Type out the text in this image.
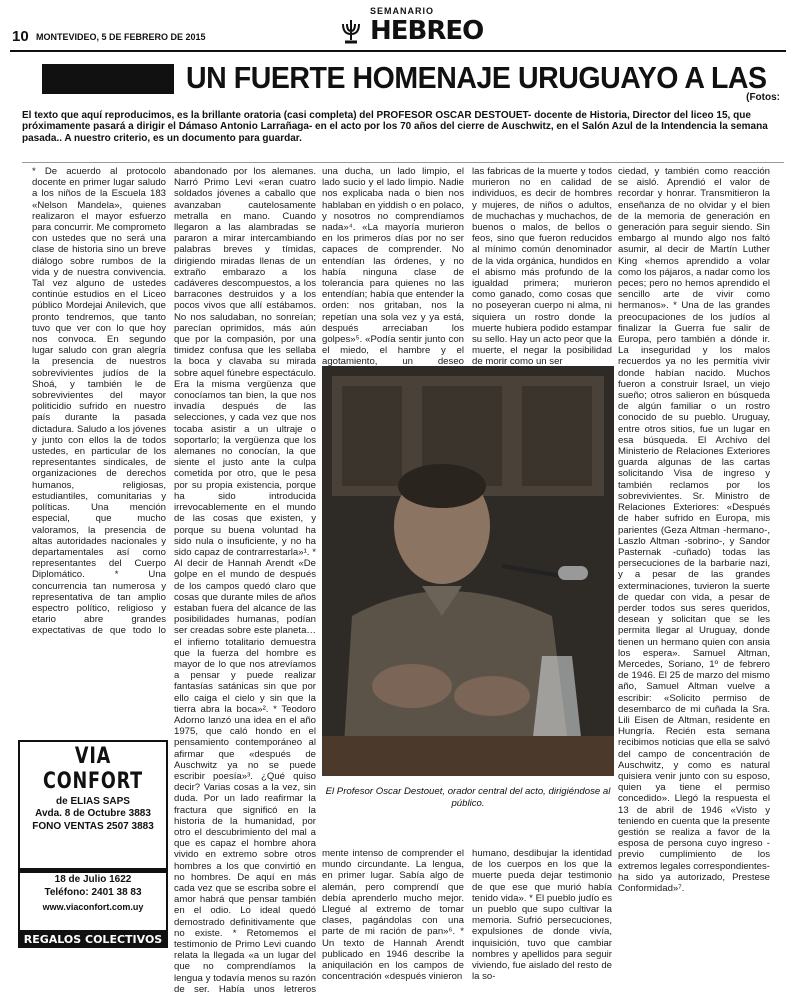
10 MONTEVIDEO, 5 DE FEBRERO DE 2015
SEMANARIO
HEBREO
UN FUERTE HOMENAJE URUGUAYO A LAS
(Fotos:

El texto que aquí reproducimos, es la brillante oratoria (casi completa) del PROFESOR OSCAR DESTOUET- docente de Historia, Director del liceo 15, que próximamente pasará a dirigir el Dámaso Antonio Larrañaga- en el acto por los 70 años del cierre de Auschwitz, en el Salón Azul de la Intendencia la semana pasada.. A nuestro criterio, es un documento para guardar.

* De acuerdo al protocolo docente en primer lugar saludo a los niños de la Escuela 183 «Nelson Mandela», quienes realizaron el mayor esfuerzo para concurrir. Me comprometo con ustedes que no será una clase de historia sino un breve diálogo sobre rumbos de la vida y de nuestra convivencia. Tal vez alguno de ustedes continúe estudios en el Liceo público Mordejai Anilevich, que pronto tendremos, que tanto tuvo que ver con lo que hoy nos convoca. En segundo lugar saludo con gran alegría la presencia de nuestros sobrevivientes judíos de la Shoá, y también le de sobrevivientes del mayor politicidio sufrido en nuestro país durante la pasada dictadura. Saludo a los jóvenes y junto con ellos la de todos ustedes, en particular de los representantes sindicales, de organizaciones de derechos humanos, religiosas, estudiantiles, comunitarias y políticas. Una mención especial, que mucho valoramos, la presencia de altas autoridades nacionales y departamentales así como representantes del Cuerpo Diplomático. * Una concurrencia tan numerosa y representativa de tan amplio espectro político, religioso y etario abre grandes expectativas de que todo lo
abandonado por los alemanes. Narró Primo Levi «eran cuatro soldados jóvenes a caballo que avanzaban cautelosamente metralla en mano. Cuando llegaron a las alambradas se pararon a mirar intercambiando palabras breves y tímidas, dirigiendo miradas llenas de un extraño embarazo a los cadáveres descompuestos, a los barracones destruidos y a los pocos vivos que allí estábamos. No nos saludaban, no sonreían; parecían oprimidos, más aún que por la compasión, por una timidez confusa que les sellaba la boca y clavaba su mirada sobre aquel fúnebre espectáculo. Era la misma vergüenza que conocíamos tan bien, la que nos invadía después de las selecciones, y cada vez que nos tocaba asistir a un ultraje o soportarlo; la vergüenza que los alemanes no conocían, la que siente el justo ante la culpa cometida por otro, que le pesa por su propia existencia, porque ha sido introducida irrevocablemente en el mundo de las cosas que existen, y porque su buena voluntad ha sido nula o insuficiente, y no ha sido capaz de contrarrestarla»¹. * Al decir de Hannah Arendt «De golpe en el mundo de después de los campos quedó claro que cosas que durante miles de años estaban fuera del alcance de las posibilidades humanas, podían ser creadas sobre este planeta…el infierno totalitario demuestra que la fuerza del hombre es mayor de lo que nos atrevíamos a pensar y puede realizar fantasías satánicas sin que por ello caiga el cielo y sin que la tierra abra la boca»². * Teodoro Adorno lanzó una idea en el año 1975, que caló hondo en el pensamiento contemporáneo al afirmar que «después de Auschwitz ya no se puede escribir poesía»³. ¿Qué quiso decir? Varias cosas a la vez, sin duda. Por un lado reafirmar la fractura que significó en la historia de la humanidad, por otro el descubrimiento del mal a que es capaz el hombre ahora vivido en extremo sobre otros hombres a los que convirtió en no hombres. De aquí en más cada vez que se escriba sobre el amor habrá que pensar también en el odio. Lo ideal quedó demostrado definitivamente que no existe. * Retomemos el testimonio de Primo Levi cuando relata la llegada «a un lugar del que no comprendíamos la lengua y todavía menos su razón de ser. Había unos letreros
una ducha, un lado limpio, el lado sucio y el lado limpio. Nadie nos explicaba nada o bien nos hablaban en yiddish o en polaco, y nosotros no comprendíamos nada»⁴. «La mayoría murieron en los primeros días por no ser capaces de comprender. No entendían las órdenes, y no había ninguna clase de tolerancia para quienes no las entendían; había que entender la orden: nos gritaban, nos la repetían una sola vez y ya está, después arreciaban los golpes»⁵. «Podía sentir junto con el miedo, el hambre y el agotamiento, un deseo
las fabricas de la muerte y todos murieron no en calidad de individuos, es decir de hombres y mujeres, de niños o adultos, de muchachas y muchachos, de buenos o malos, de bellos o feos, sino que fueron reducidos al mínimo común denominador de la vida orgánica, hundidos en el abismo más profundo de la igualdad primera; murieron como ganado, como cosas que no poseyeran cuerpo ni alma, ni siquiera un rostro donde la muerte hubiera podido estampar su sello. Hay un acto peor que la muerte, el negar la posibilidad de morir como un ser
ciedad, y también como reacción se aisló. Aprendió el valor de recordar y honrar. Transmitieron la enseñanza de no olvidar y el bien de la memoria de generación en generación para seguir siendo. Sin embargo al mundo algo nos faltó asumir, al decir de Martín Luther King «hemos aprendido a volar como los pájaros, a nadar como los peces; pero no hemos aprendido el sencillo arte de vivir como hermanos». * Una de las grandes preocupaciones de los judíos al finalizar la Guerra fue salir de Europa, pero también a dónde ir. La inseguridad y los malos recuerdos ya no les permitía vivir donde habían nacido. Muchos fueron a construir Israel, un viejo sueño; otros salieron en búsqueda de algún familiar o un rostro conocido de su pueblo. Uruguay, entre otros sitios, fue un lugar en esa búsqueda. El Archivo del Ministerio de Relaciones Exteriores guarda algunas de las cartas solicitando Visa de ingreso y también reclamos por los sobrevivientes. Sr. Ministro de Relaciones Exteriores: «Después de haber sufrido en Europa, mis parientes (Geza Altman -hermano-, Laszlo Altman -sobrino-, y Sandor Pasternak -cuñado) todas las persecuciones de la barbarie nazi, y a pesar de las grandes exterminaciones, tuvieron la suerte de quedar con vida, a pesar de perder todos sus seres queridos, desean y solicitan que se les permita llegar al Uruguay, donde tienen un hermano quien con ansia los espera». Samuel Altman, Mercedes, Soriano, 1º de febrero de 1946. El 25 de marzo del mismo año, Samuel Altman vuelve a escribir: «Solicito permiso de desembarco de mi cuñada la Sra. Lili Eisen de Altman, residente en Hungría. Recién esta semana recibimos noticias que ella se salvó del campo de concentración de Auschwitz, y como es natural quisiera venir junto con su esposo, quien ya tiene el permiso concedido». Llegó la respuesta el 13 de abril de 1946 «Visto y teniendo en cuenta que la presente gestión se realiza a favor de la esposa de persona cuyo ingreso -previo cumplimiento de los extremos legales correspondientes- ha sido ya autorizado, Prestese Conformidad»⁷.
mente intenso de comprender el mundo circundante. La lengua, en primer lugar. Sabía algo de alemán, pero comprendí que debía aprenderlo mucho mejor. Llegué al extremo de tomar clases, pagándolas con una parte de mi ración de pan»⁶. * Un texto de Hannah Arendt publicado en 1946 describe la aniquilación en los campos de concentración «después vinieron
humano, desdibujar la identidad de los cuerpos en los que la muerte pueda dejar testimonio de que ese que murió había tenido vida». * El pueblo judío es un pueblo que supo cultivar la memoria. Sufrió persecuciones, expulsiones de donde vivía, inquisición, tuvo que cambiar nombres y apellidos para seguir viviendo, fue aislado del resto de la so-

El Profesor Oscar Destouet, orador central del acto, dirigiéndose al público.

VIA CONFORT
de ELIAS SAPS
Avda. 8 de Octubre 3883
FONO VENTAS 2507 3883
18 de Julio 1622
Teléfono: 2401 38 83
www.viaconfort.com.uy
REGALOS COLECTIVOS
ELECTRODOMESTICOS
MUEBLES - MOTOS
